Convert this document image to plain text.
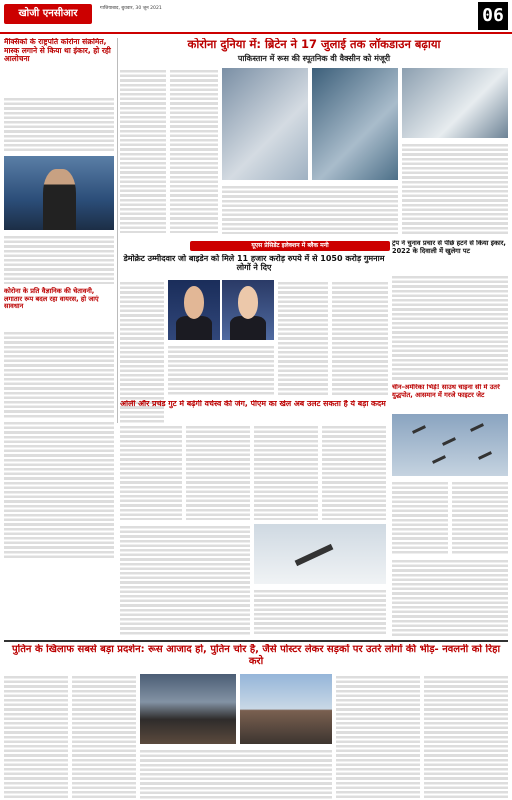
खोजी एनसीआर	गाजियाबाद, बुधवार, 30 जून 2021	06
मैक्सिको के राष्ट्रपति कोरोना संक्रमित, मास्क लगाने से किया था इंकार, हो रही आलोचना
कोरोना के प्रति वैज्ञानिक की चेतावनी, लगातार रूप बदल रहा वायरस, हो जाएं सावधान
कोरोना दुनिया में: ब्रिटेन ने 17 जुलाई तक लॉकडाउन बढ़ाया
पाकिस्तान में रूस की स्पूतनिक वी वैक्सीन को मंजूरी
यूएस प्रेसिडेंट इलेक्शन में ब्लैक मनी
डेमोक्रेट उम्मीदवार जो बाइडेन को मिले 11 हजार करोड़ रुपये में से 1050 करोड़ गुमनाम लोगों ने दिए
ट्रंप ने चुनाव प्रचार से पीछे हटने से किया इंकार, 2022 के दिवाली में खुलेगा पट
ओली और प्रचंड गुट में बढ़ेगी वर्चस्व की जंग, पीएम का खेल अब उलट सकता है ये बड़ा कदम
चीन-अमेरिका भिड़े! साउथ चाइना सी में उतरे युद्धपोत, आसमान में गरजे फाइटर जेट
पुतिन के खिलाफ सबसे बड़ा प्रदर्शन: रूस आजाद हो, पुतिन चोर है, जैसे पोस्टर लेकर सड़कों पर उतरे लोगों की भीड़- नवलनी को रिहा करो
